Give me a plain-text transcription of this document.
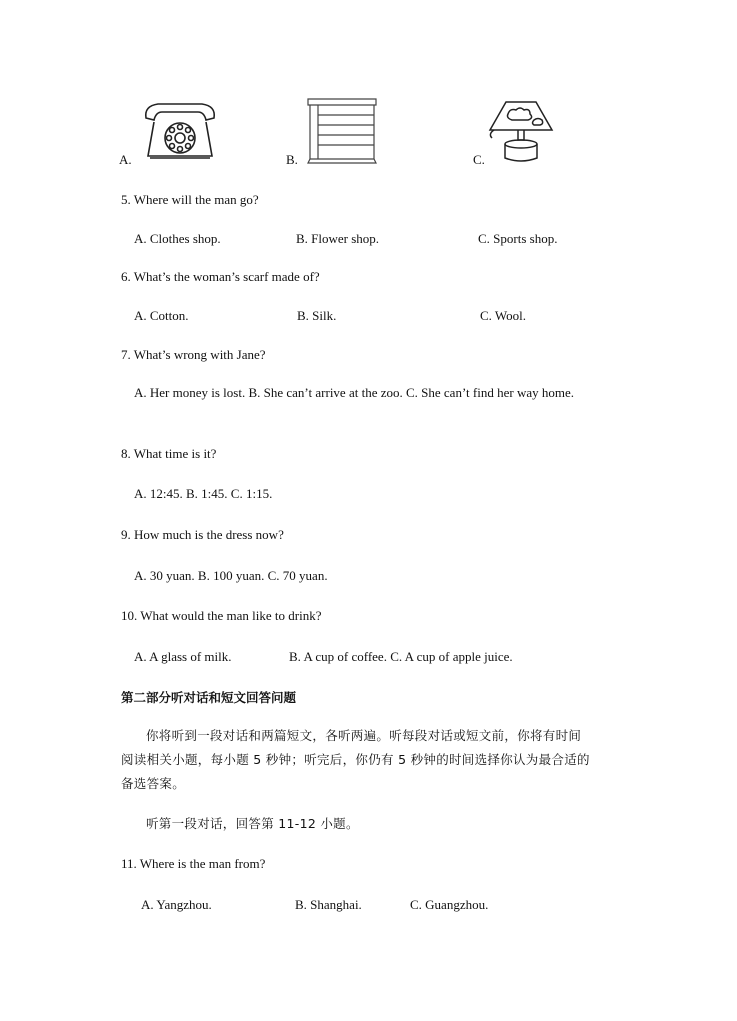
A.	B.	C.
5. Where will the man go?
A. Clothes shop.	B. Flower shop.	C. Sports shop.
6. What’s the woman’s scarf made of?
A. Cotton.	B. Silk.	C. Wool.
7. What’s wrong with Jane?
A. Her money is lost. B. She can’t arrive at the zoo. C. She can’t find her way home.
8. What time is it?
A. 12:45. B. 1:45. C. 1:15.
9. How much is the dress now?
A. 30 yuan. B. 100 yuan. C. 70 yuan.
10. What would the man like to drink?
A. A glass of milk.	B. A cup of coffee. C. A cup of apple juice.
第二部分听对话和短文回答问题
你将听到一段对话和两篇短文，各听两遍。听每段对话或短文前，你将有时间
阅读相关小题，每小题 5 秒钟；听完后，你仍有 5 秒钟的时间选择你认为最合适的
备选答案。
听第一段对话，回答第 11-12 小题。
11. Where is the man from?
A. Yangzhou.	B. Shanghai.	C. Guangzhou.
